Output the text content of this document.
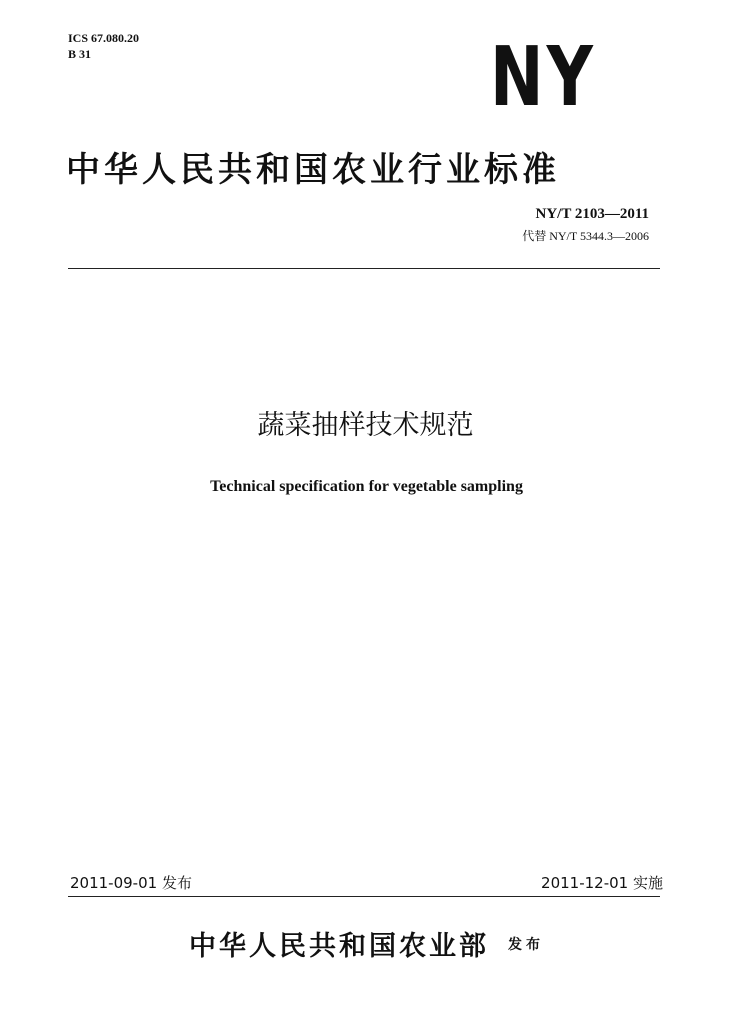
ICS 67.080.20
B 31	NY
中华人民共和国农业行业标准
NY/T 2103—2011
代替 NY/T 5344.3—2006
蔬菜抽样技术规范
Technical specification for vegetable sampling
2011-09-01 发布	2011-12-01 实施
中华人民共和国农业部 发布
